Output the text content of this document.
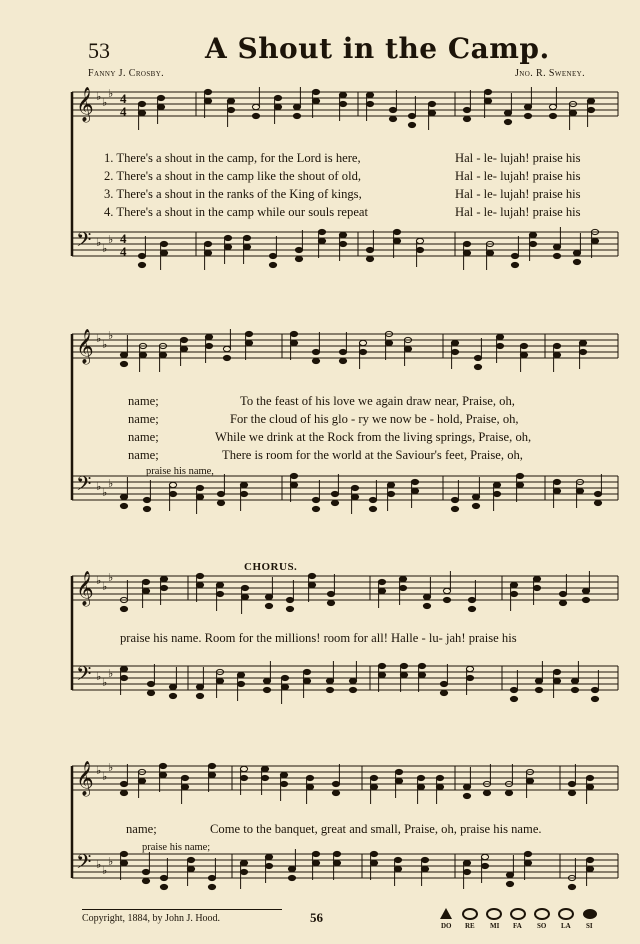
53	A Shout in the Camp.
Fanny J. Crosby.	Jno. R. Sweney.
𝄞 ♭ ♭
♭ 4
4
𝄢 ♭ ♭
♭ 4
4
𝄞 ♭ ♭
♭
𝄢 ♭ ♭
♭
𝄞 ♭ ♭
♭
𝄢 ♭ ♭
♭
𝄞 ♭ ♭
♭
𝄢 ♭ ♭
♭
1. There's a shout in the camp, for the Lord is here,
2. There's a shout in the camp like the shout of old,
3. There's a shout in the ranks of the King of kings,
4. There's a shout in the camp while our souls repeat
Hal - le- lujah! praise his
Hal - le- lujah! praise his
Hal - le- lujah! praise his
Hal - le- lujah! praise his
name;
name;
name;
name;
To the feast of his love we again draw near, Praise, oh,
For the cloud of his glo - ry we now be - hold, Praise, oh,
While we drink at the Rock from the living springs, Praise, oh,
There is room for the world at the Saviour's feet, Praise, oh,
praise his name,
CHORUS.
praise his name. Room for the millions! room for all! Halle - lu- jah! praise his
name;	Come to the banquet, great and small, Praise, oh, praise his name.
praise his name;
Copyright, 1884, by John J. Hood.	56
DO RE MI FA SO LA SI
